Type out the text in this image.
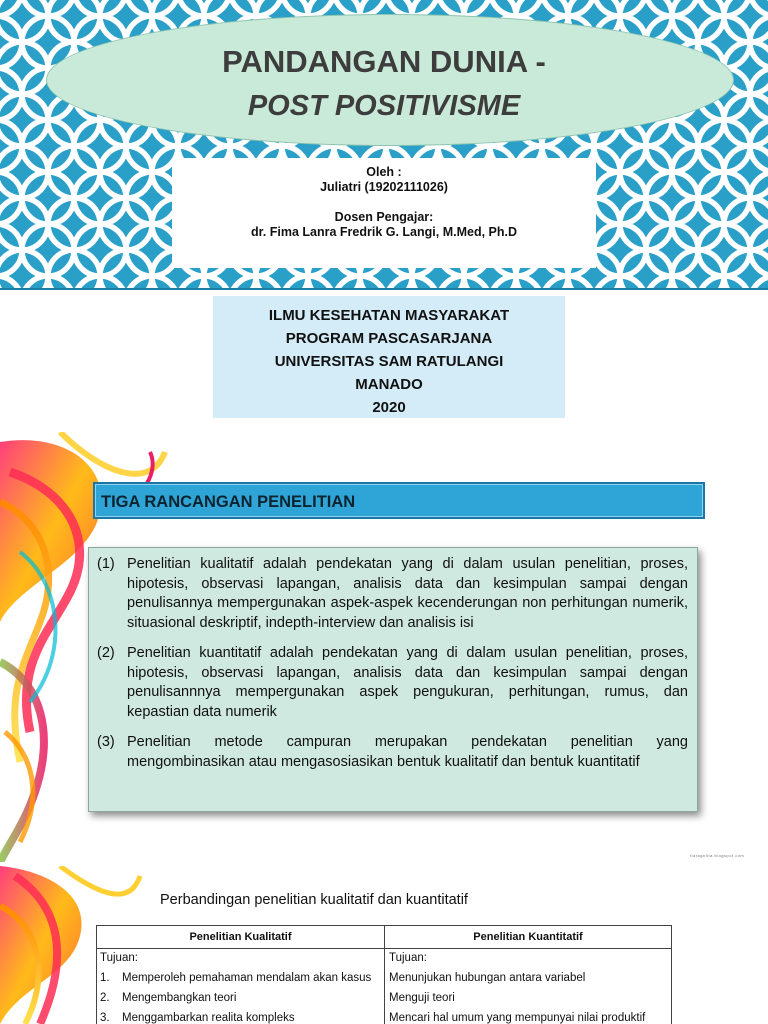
PANDANGAN DUNIA -
POST POSITIVISME
Oleh :
Juliatri (19202111026)
Dosen Pengajar:
dr. Fima Lanra Fredrik G. Langi, M.Med, Ph.D
ILMU KESEHATAN MASYARAKAT
PROGRAM PASCASARJANA
UNIVERSITAS SAM RATULANGI
MANADO
2020
TIGA RANCANGAN PENELITIAN
(1) Penelitian kualitatif adalah pendekatan yang di dalam usulan penelitian, proses, hipotesis, observasi lapangan, analisis data dan kesimpulan sampai dengan penulisannya mempergunakan aspek-aspek kecenderungan non perhitungan numerik, situasional deskriptif, indepth-interview dan analisis isi
(2) Penelitian kuantitatif adalah pendekatan yang di dalam usulan penelitian, proses, hipotesis, observasi lapangan, analisis data dan kesimpulan sampai dengan penulisannnya mempergunakan aspek pengukuran, perhitungan, rumus, dan kepastian data numerik
(3) Penelitian metode campuran merupakan pendekatan penelitian yang mengombinasikan atau mengasosiasikan bentuk kualitatif dan bentuk kuantitatif
tiaragnlita.blogspot.com
Perbandingan penelitian kualitatif dan kuantitatif
Penelitian Kualitatif	Penelitian Kuantitatif
Tujuan:	Tujuan:

1. Memperoleh pemahaman mendalam akan kasus	Menunjukan hubungan antara variabel

2. Mengembangkan teori	Menguji teori

3. Menggambarkan realita kompleks	Mencari hal umum yang mempunyai nilai produktif
